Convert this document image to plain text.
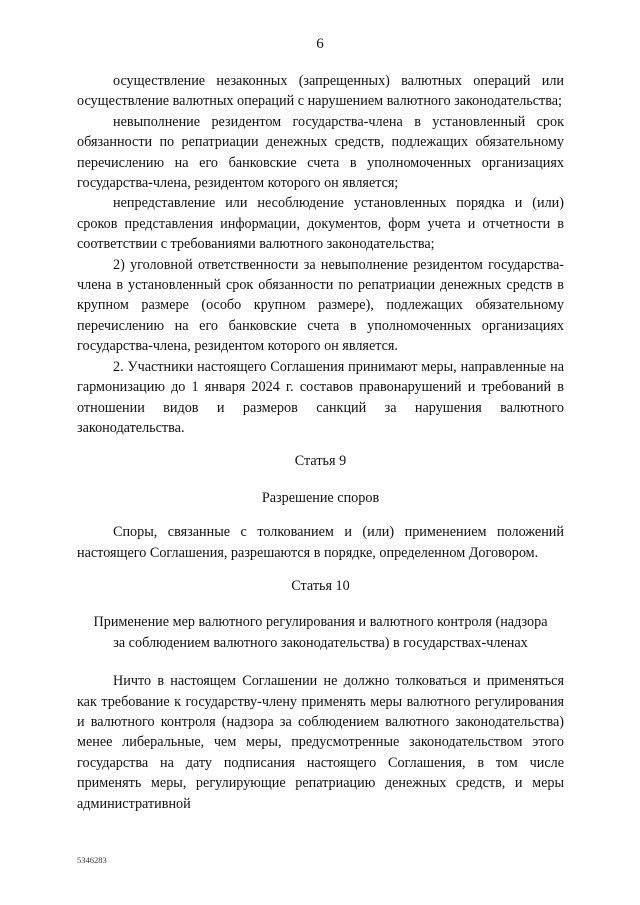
6

осуществление незаконных (запрещенных) валютных операций или осуществление валютных операций с нарушением валютного законодательства;

невыполнение резидентом государства-члена в установленный срок обязанности по репатриации денежных средств, подлежащих обязательному перечислению на его банковские счета в уполномоченных организациях государства-члена, резидентом которого он является;

непредставление или несоблюдение установленных порядка и (или) сроков представления информации, документов, форм учета и отчетности в соответствии с требованиями валютного законодательства;

2) уголовной ответственности за невыполнение резидентом государства-члена в установленный срок обязанности по репатриации денежных средств в крупном размере (особо крупном размере), подлежащих обязательному перечислению на его банковские счета в уполномоченных организациях государства-члена, резидентом которого он является.

2. Участники настоящего Соглашения принимают меры, направленные на гармонизацию до 1 января 2024 г. составов правонарушений и требований в отношении видов и размеров санкций за нарушения валютного законодательства.

Статья 9

Разрешение споров

Споры, связанные с толкованием и (или) применением положений настоящего Соглашения, разрешаются в порядке, определенном Договором.

Статья 10

Применение мер валютного регулирования и валютного контроля (надзора
за соблюдением валютного законодательства) в государствах-членах

Ничто в настоящем Соглашении не должно толковаться и применяться как требование к государству-члену применять меры валютного регулирования и валютного контроля (надзора за соблюдением валютного законодательства) менее либеральные, чем меры, предусмотренные законодательством этого государства на дату подписания настоящего Соглашения, в том числе применять меры, регулирующие репатриацию денежных средств, и меры административной

5346283
